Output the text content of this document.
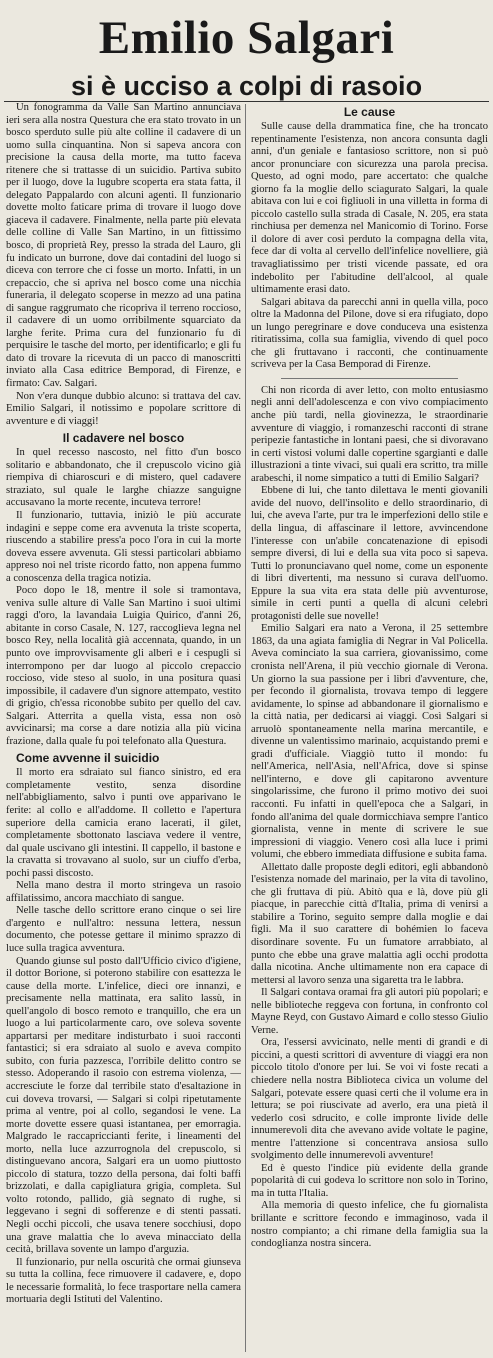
Emilio Salgari
si è ucciso a colpi di rasoio

Un fonogramma da Valle San Martino annunciava ieri sera alla nostra Questura che era stato trovato in un bosco sperduto sulle più alte colline il cadavere di un uomo sulla cinquantina. Non si sapeva ancora con precisione la causa della morte, ma tutto faceva ritenere che si trattasse di un suicidio. Partiva subito per il luogo, dove la lugubre scoperta era stata fatta, il delegato Pappalardo con alcuni agenti. Il funzionario dovette molto faticare prima di trovare il luogo dove giaceva il cadavere. Finalmente, nella parte più elevata delle colline di Valle San Martino, in un fittissimo bosco, di proprietà Rey, presso la strada del Lauro, gli fu indicato un burrone, dove dai contadini del luogo si diceva con terrore che ci fosse un morto. Infatti, in un crepaccio, che si apriva nel bosco come una nicchia funeraria, il delegato scoperse in mezzo ad una patina di sangue raggrumato che ricopriva il terreno roccioso, il cadavere di un uomo orribilmente squarciato da larghe ferite. Prima cura del funzionario fu di perquisire le tasche del morto, per identificarlo; e gli fu dato di trovare la ricevuta di un pacco di manoscritti inviato alla Casa editrice Bemporad, di Firenze, e firmato: Cav. Salgari.

Non v'era dunque dubbio alcuno: si trattava del cav. Emilio Salgari, il notissimo e popolare scrittore di avventure e di viaggi!

Il cadavere nel bosco

In quel recesso nascosto, nel fitto d'un bosco solitario e abbandonato, che il crepuscolo vicino già riempiva di chiaroscuri e di mistero, quel cadavere straziato, sul quale le larghe chiazze sanguigne accusavano la morte recente, incuteva terrore!

Il funzionario, tuttavia, iniziò le più accurate indagini e seppe come era avvenuta la triste scoperta, riuscendo a stabilire press'a poco l'ora in cui la morte doveva essere avvenuta. Gli stessi particolari abbiamo appreso noi nel triste ricordo fatto, non appena fummo a conoscenza della tragica notizia.

Poco dopo le 18, mentre il sole si tramontava, veniva sulle alture di Valle San Martino i suoi ultimi raggi d'oro, la lavandaia Luigia Quirico, d'anni 26, abitante in corso Casale, N. 127, raccoglieva legna nel bosco Rey, nella località già accennata, quando, in un punto ove improvvisamente gli alberi e i cespugli si interrompono per dar luogo al piccolo crepaccio roccioso, vide steso al suolo, in una positura quasi impossibile, il cadavere d'un signore attempato, vestito di grigio, ch'essa riconobbe subito per quello del cav. Salgari. Atterrita a quella vista, essa non osò avvicinarsi; ma corse a dare notizia alla più vicina frazione, dalla quale fu poi telefonato alla Questura.

Come avvenne il suicidio

Il morto era sdraiato sul fianco sinistro, ed era completamente vestito, senza disordine nell'abbigliamento, salvo i punti ove apparivano le ferite: al collo e all'addome. Il colletto e l'apertura superiore della camicia erano lacerati, il gilet, completamente sbottonato lasciava vedere il ventre, dal quale uscivano gli intestini. Il cappello, il bastone e la cravatta si trovavano al suolo, sur un ciuffo d'erba, pochi passi discosto.

Nella mano destra il morto stringeva un rasoio affilatissimo, ancora macchiato di sangue.

Nelle tasche dello scrittore erano cinque o sei lire d'argento e null'altro: nessuna lettera, nessun documento, che potesse gettare il minimo sprazzo di luce sulla tragica avventura.

Quando giunse sul posto dall'Ufficio civico d'igiene, il dottor Borione, si poterono stabilire con esattezza le cause della morte. L'infelice, dieci ore innanzi, e precisamente nella mattinata, era salito lassù, in quell'angolo di bosco remoto e tranquillo, che era un luogo a lui particolarmente caro, ove soleva sovente appartarsi per meditare indisturbato i suoi racconti fantastici; si era sdraiato al suolo e aveva compito subito, con furia pazzesca, l'orribile delitto contro se stesso. Adoperando il rasoio con estrema violenza, — accresciute le forze dal terribile stato d'esaltazione in cui doveva trovarsi, — Salgari si colpì ripetutamente prima al ventre, poi al collo, segandosi le vene. La morte dovette essere quasi istantanea, per emorragia. Malgrado le raccapriccianti ferite, i lineamenti del morto, nella luce azzurrognola del crepuscolo, si distinguevano ancora, Salgari era un uomo piuttosto piccolo di statura, tozzo della persona, dai folti baffi brizzolati, e dalla capigliatura grigia, completa. Sul volto rotondo, pallido, già segnato di rughe, si leggevano i segni di sofferenze e di stenti passati. Negli occhi piccoli, che usava tenere socchiusi, dopo una grave malattia che lo aveva minacciato della cecità, brillava sovente un lampo d'arguzia.

Il funzionario, pur nella oscurità che ormai giunseva su tutta la collina, fece rimuovere il cadavere, e, dopo le necessarie formalità, lo fece trasportare nella camera mortuaria degli Istituti del Valentino.

Le cause

Sulle cause della drammatica fine, che ha troncato repentinamente l'esistenza, non ancora consunta dagli anni, d'un geniale e fantasioso scrittore, non si può ancor pronunciare con sicurezza una parola precisa. Questo, ad ogni modo, pare accertato: che qualche giorno fa la moglie dello sciagurato Salgari, la quale abitava con lui e coi figliuoli in una villetta in forma di piccolo castello sulla strada di Casale, N. 205, era stata rinchiusa per demenza nel Manicomio di Torino. Forse il dolore di aver così perduto la compagna della vita, fece dar di volta al cervello dell'infelice novelliere, già travagliatissimo per tristi vicende passate, ed ora indebolito per l'abitudine dell'alcool, al quale ultimamente erasi dato.

Salgari abitava da parecchi anni in quella villa, poco oltre la Madonna del Pilone, dove si era rifugiato, dopo un lungo peregrinare e dove conduceva una esistenza ritiratissima, colla sua famiglia, vivendo di quel poco che gli fruttavano i racconti, che continuamente scriveva per la Casa Bemporad di Firenze.

Chi non ricorda di aver letto, con molto entusiasmo negli anni dell'adolescenza e con vivo compiacimento anche più tardi, nella giovinezza, le straordinarie avventure di viaggio, i romanzeschi racconti di strane peripezie fantastiche in lontani paesi, che si divoravano in certi vistosi volumi dalle copertine sgargianti e dalle illustrazioni a tinte vivaci, sui quali era scritto, tra mille arabeschi, il nome simpatico a tutti di Emilio Salgari?

Ebbene di lui, che tanto dilettava le menti giovanili avide del nuovo, dell'insolito e dello straordinario, di lui, che aveva l'arte, pur tra le imperfezioni dello stile e della lingua, di affascinare il lettore, avvincendone l'interesse con un'abile concatenazione di episodi sempre diversi, di lui e della sua vita poco si sapeva. Tutti lo pronunciavano quel nome, come un esponente di libri divertenti, ma nessuno si curava dell'uomo. Eppure la sua vita era stata delle più avventurose, simile in certi punti a quella di alcuni celebri protagonisti delle sue novelle!

Emilio Salgari era nato a Verona, il 25 settembre 1863, da una agiata famiglia di Negrar in Val Policella. Aveva cominciato la sua carriera, giovanissimo, come cronista nell'Arena, il più vecchio giornale di Verona. Un giorno la sua passione per i libri d'avventure, che, per fecondo il giornalista, trovava tempo di leggere avidamente, lo spinse ad abbandonare il giornalismo e la città natìa, per dedicarsi ai viaggi. Così Salgari si arruolò spontaneamente nella marina mercantile, e divenne un valentissimo marinaio, acquistando premi e gradi d'ufficiale. Viaggiò tutto il mondo: fu nell'America, nell'Asia, nell'Africa, dove si spinse nell'interno, e dove gli capitarono avventure singolarissime, che furono il primo motivo dei suoi racconti. Fu infatti in quell'epoca che a Salgari, in fondo all'anima del quale dormicchiava sempre l'antico giornalista, venne in mente di scrivere le sue impressioni di viaggio. Venero così alla luce i primi volumi, che ebbero immediata diffusione e subita fama.

Allettato dalle proposte degli editori, egli abbandonò l'esistenza nomade del marinaio, per la vita di tavolino, che gli fruttava di più. Abitò qua e là, dove più gli piacque, in parecchie città d'Italia, prima di venirsi a stabilire a Torino, seguito sempre dalla moglie e dai figli. Ma il suo carattere di bohémien lo faceva disordinare sovente. Fu un fumatore arrabbiato, al punto che ebbe una grave malattia agli occhi prodotta dalla nicotina. Anche ultimamente non era capace di mettersi al lavoro senza una sigaretta tra le labbra.

Il Salgari contava oramai fra gli autori più popolari; e nelle biblioteche reggeva con fortuna, in confronto col Mayne Reyd, con Gustavo Aimard e collo stesso Giulio Verne.

Ora, l'essersi avvicinato, nelle menti di grandi e di piccini, a questi scrittori di avventure di viaggi era non piccolo titolo d'onore per lui. Se voi vi foste recati a chiedere nella nostra Biblioteca civica un volume del Salgari, potevate essere quasi certi che il volume era in lettura; se poi riuscivate ad averlo, era una pietà il vederlo così sdrucito, e colle impronte livide delle innumerevoli dita che avevano avide voltate le pagine, mentre l'attenzione si concentrava ansiosa sullo svolgimento delle innumerevoli avventure!

Ed è questo l'indice più evidente della grande popolarità di cui godeva lo scrittore non solo in Torino, ma in tutta l'Italia.

Alla memoria di questo infelice, che fu giornalista brillante e scrittore fecondo e immaginoso, vada il nostro compianto; a chi rimane della famiglia sua la condoglianza nostra sincera.
